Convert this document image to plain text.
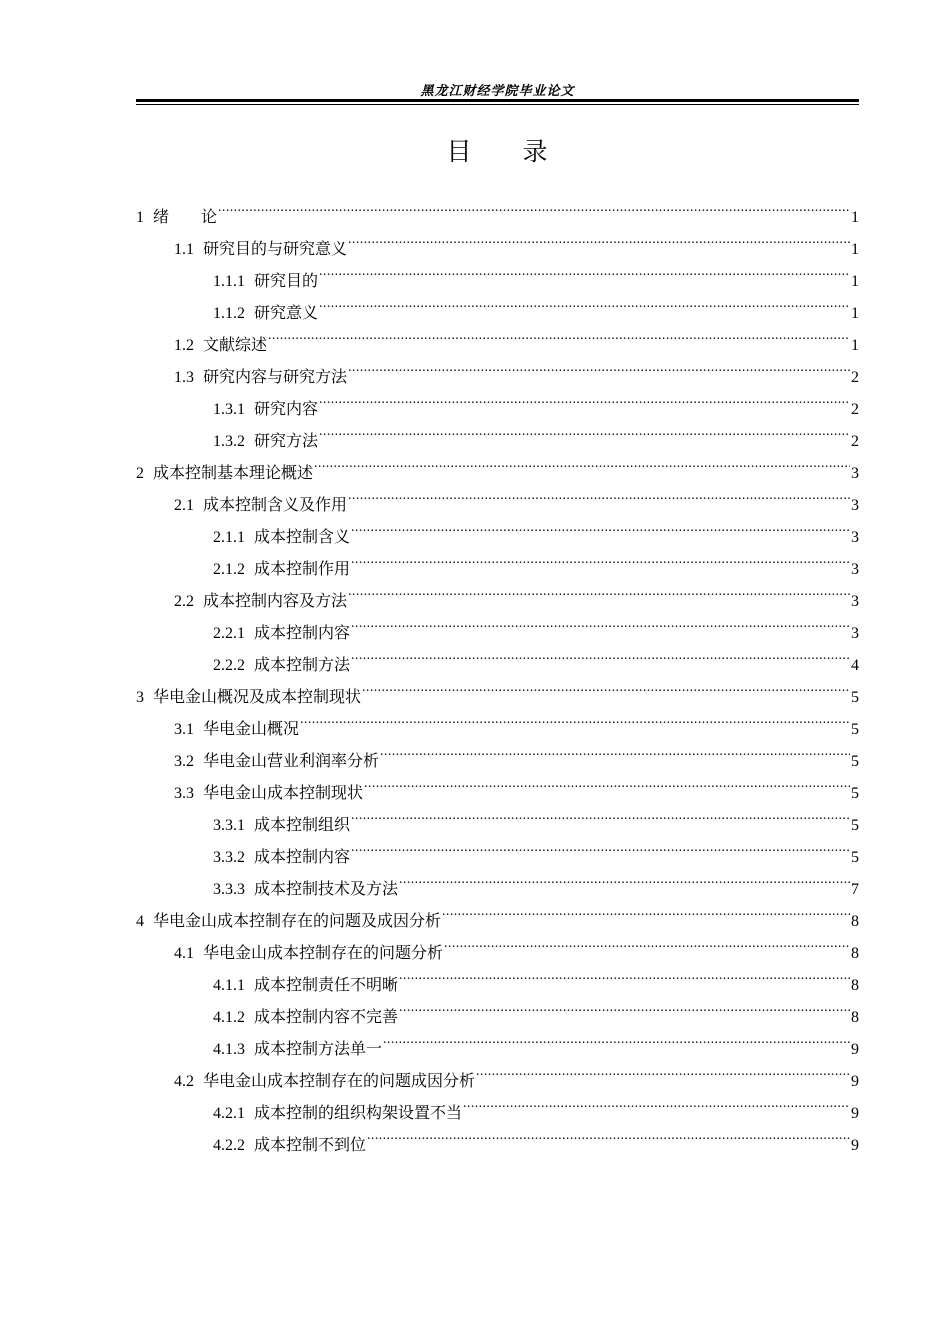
黑龙江财经学院毕业论文
目 录
1 绪　　论 .....	1
1.1 研究目的与研究意义 .....	1
1.1.1 研究目的 .....	1
1.1.2 研究意义 .....	1
1.2 文献综述 .....	1
1.3 研究内容与研究方法 .....	2
1.3.1 研究内容 .....	2
1.3.2 研究方法 .....	2
2 成本控制基本理论概述 .....	3
2.1 成本控制含义及作用 .....	3
2.1.1 成本控制含义 .....	3
2.1.2 成本控制作用 .....	3
2.2 成本控制内容及方法 .....	3
2.2.1 成本控制内容 .....	3
2.2.2 成本控制方法 .....	4
3 华电金山概况及成本控制现状 .....	5
3.1 华电金山概况 .....	5
3.2 华电金山营业利润率分析 .....	5
3.3 华电金山成本控制现状 .....	5
3.3.1 成本控制组织 .....	5
3.3.2 成本控制内容 .....	5
3.3.3 成本控制技术及方法 .....	7
4 华电金山成本控制存在的问题及成因分析 .....	8
4.1 华电金山成本控制存在的问题分析 .....	8
4.1.1 成本控制责任不明晰 .....	8
4.1.2 成本控制内容不完善 .....	8
4.1.3 成本控制方法单一 .....	9
4.2 华电金山成本控制存在的问题成因分析 .....	9
4.2.1 成本控制的组织构架设置不当 .....	9
4.2.2 成本控制不到位 .....	9
